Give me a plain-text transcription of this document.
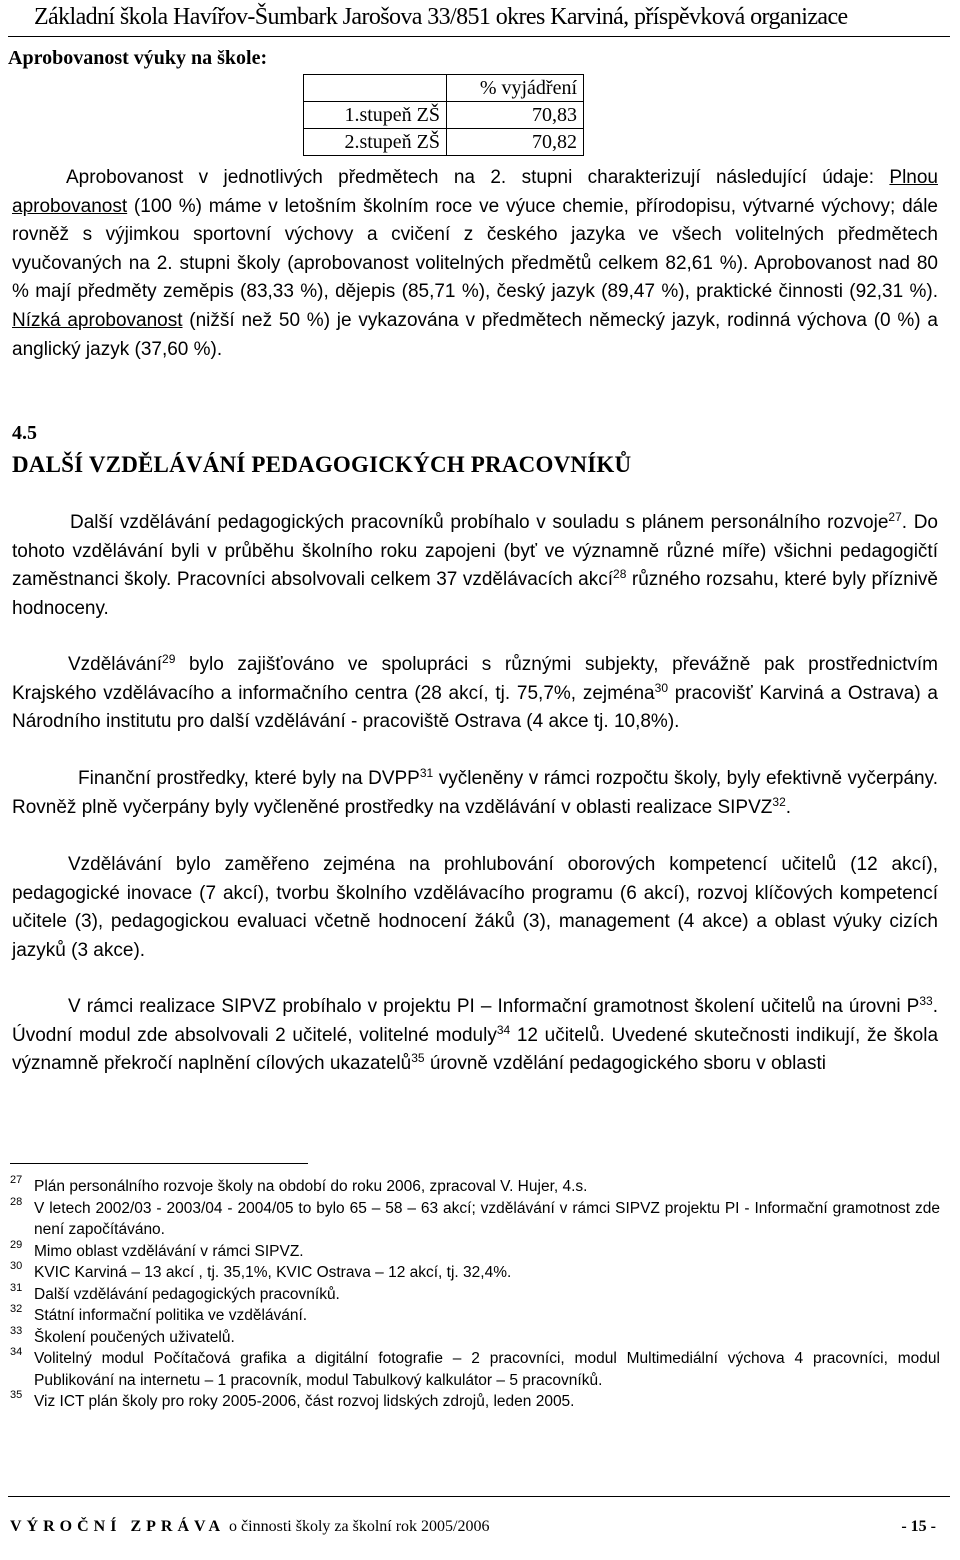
Základní škola Havířov-Šumbark Jarošova 33/851 okres Karviná, příspěvková organizace
Aprobovanost výuky na škole:
	% vyjádření
1.stupeň ZŠ	70,83
2.stupeň ZŠ	70,82

Aprobovanost v jednotlivých předmětech na 2. stupni charakterizují následující údaje: Plnou aprobovanost (100 %) máme v letošním školním roce ve výuce chemie, přírodopisu, výtvarné výchovy; dále rovněž s výjimkou sportovní výchovy a cvičení z českého jazyka ve všech volitelných předmětech vyučovaných na 2. stupni školy (aprobovanost volitelných předmětů celkem 82,61 %). Aprobovanost nad 80 % mají předměty zeměpis (83,33 %), dějepis (85,71 %), český jazyk (89,47 %), praktické činnosti (92,31 %). Nízká aprobovanost (nižší než 50 %) je vykazována v předmětech německý jazyk, rodinná výchova (0 %) a anglický jazyk (37,60 %).

4.5
DALŠÍ VZDĚLÁVÁNÍ PEDAGOGICKÝCH PRACOVNÍKŮ

Další vzdělávání pedagogických pracovníků probíhalo v souladu s plánem personálního rozvoje$^{27}$. Do tohoto vzdělávání byli v průběhu školního roku zapojeni (byť ve významně různé míře) všichni pedagogičtí zaměstnanci školy. Pracovníci absolvovali celkem 37 vzdělávacích akcí$^{28}$ různého rozsahu, které byly příznivě hodnoceny.

Vzdělávání$^{29}$ bylo zajišťováno ve spolupráci s různými subjekty, převážně pak prostřednictvím Krajského vzdělávacího a informačního centra (28 akcí, tj. 75,7%, zejména$^{30}$ pracovišť Karviná a Ostrava) a Národního institutu pro další vzdělávání - pracoviště Ostrava (4 akce tj. 10,8%).

Finanční prostředky, které byly na DVPP$^{31}$ vyčleněny v rámci rozpočtu školy, byly efektivně vyčerpány. Rovněž plně vyčerpány byly vyčleněné prostředky na vzdělávání v oblasti realizace SIPVZ$^{32}$.

Vzdělávání bylo zaměřeno zejména na prohlubování oborových kompetencí učitelů (12 akcí), pedagogické inovace (7 akcí), tvorbu školního vzdělávacího programu (6 akcí), rozvoj klíčových kompetencí učitele (3), pedagogickou evaluaci včetně hodnocení žáků (3), management (4 akce) a oblast výuky cizích jazyků (3 akce).

V rámci realizace SIPVZ probíhalo v projektu PI – Informační gramotnost školení učitelů na úrovni $P^{33}$. Úvodní modul zde absolvovali 2 učitelé, volitelné moduly$^{34}$ 12 učitelů. Uvedené skutečnosti indikují, že škola významně překročí naplnění cílových ukazatelů$^{35}$ úrovně vzdělání pedagogického sboru v oblasti

27 Plán personálního rozvoje školy na období do roku 2006, zpracoval V. Hujer, 4.s.
28 V letech 2002/03 - 2003/04 - 2004/05 to bylo 65 – 58 – 63 akcí; vzdělávání v rámci SIPVZ projektu PI - Informační gramotnost zde není započítáváno.
29 Mimo oblast vzdělávání v rámci SIPVZ.
30 KVIC Karviná – 13 akcí , tj. 35,1%, KVIC Ostrava – 12 akcí, tj. 32,4%.
31 Další vzdělávání pedagogických pracovníků.
32 Státní informační politika ve vzdělávání.
33 Školení poučených uživatelů.
34 Volitelný modul Počítačová grafika a digitální fotografie – 2 pracovníci, modul Multimediální výchova 4 pracovníci, modul Publikování na internetu – 1 pracovník, modul Tabulkový kalkulátor – 5 pracovníků.
35 Viz ICT plán školy pro roky 2005-2006, část rozvoj lidských zdrojů, leden 2005.
VÝROČNÍ ZPRÁVA o činnosti školy za školní rok 2005/2006	- 15 -
